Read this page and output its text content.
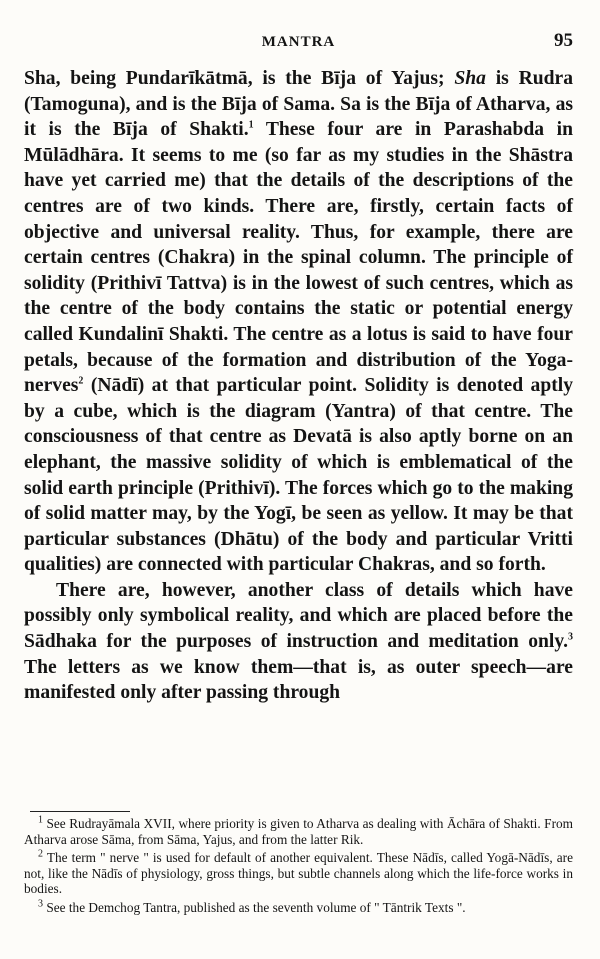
MANTRA	95

Sha, being Pundarīkātmā, is the Bīja of Yajus; Sha is Rudra (Tamoguna), and is the Bīja of Sama. Sa is the Bīja of Atharva, as it is the Bīja of Shakti.$^1$ These four are in Parashabda in Mūlādhāra. It seems to me (so far as my studies in the Shāstra have yet carried me) that the details of the descriptions of the centres are of two kinds. There are, firstly, certain facts of objective and universal reality. Thus, for example, there are certain centres (Chakra) in the spinal column. The principle of solidity (Prithivī Tattva) is in the lowest of such centres, which as the centre of the body contains the static or potential energy called Kundalinī Shakti. The centre as a lotus is said to have four petals, because of the formation and distribution of the Yoga-nerves$^2$ (Nādī) at that particular point. Solidity is denoted aptly by a cube, which is the diagram (Yantra) of that centre. The consciousness of that centre as Devatā is also aptly borne on an elephant, the massive solidity of which is emblematical of the solid earth principle (Prithivī). The forces which go to the making of solid matter may, by the Yogī, be seen as yellow. It may be that particular substances (Dhātu) of the body and particular Vritti qualities) are connected with particular Chakras, and so forth.

There are, however, another class of details which have possibly only symbolical reality, and which are placed before the Sādhaka for the purposes of instruction and meditation only.$^3$ The letters as we know them—that is, as outer speech—are manifested only after passing through

$^1$ See Rudrayāmala XVII, where priority is given to Atharva as dealing with Āchāra of Shakti. From Atharva arose Sāma, from Sāma, Yajus, and from the latter Rik.

$^2$ The term " nerve " is used for default of another equivalent. These Nādīs, called Yogā-Nādīs, are not, like the Nādīs of physiology, gross things, but subtle channels along which the life-force works in bodies.

$^3$ See the Demchog Tantra, published as the seventh volume of " Tāntrik Texts ".
